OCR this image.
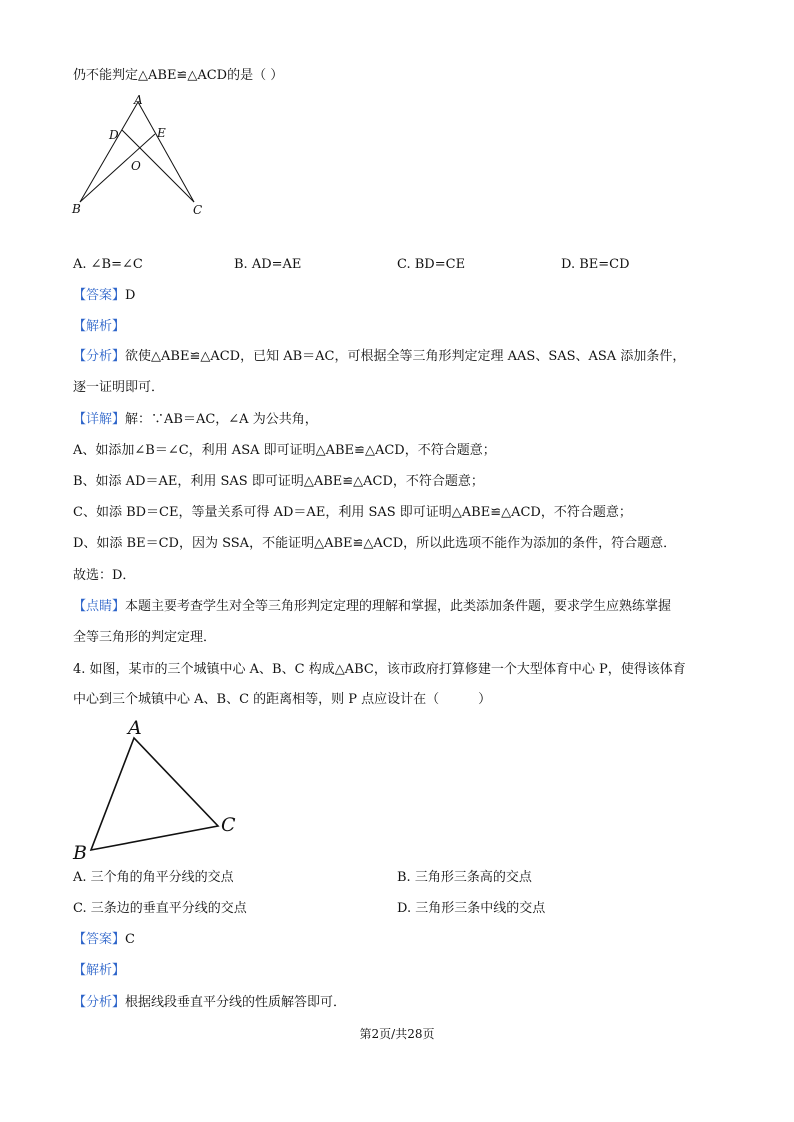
仍不能判定△ABE≌△ACD的是（ ）
A
D	E
O
B	C
A. ∠B=∠C	B. AD=AE	C. BD=CE	D. BE=CD
【答案】D
【解析】
【分析】欲使△ABE≌△ACD，已知 AB＝AC，可根据全等三角形判定定理 AAS、SAS、ASA 添加条件，
逐一证明即可．
【详解】解：∵AB＝AC，∠A 为公共角，
A、如添加∠B＝∠C，利用 ASA 即可证明△ABE≌△ACD，不符合题意；
B、如添 AD＝AE，利用 SAS 即可证明△ABE≌△ACD，不符合题意；
C、如添 BD＝CE，等量关系可得 AD＝AE，利用 SAS 即可证明△ABE≌△ACD，不符合题意；
D、如添 BE＝CD，因为 SSA，不能证明△ABE≌△ACD，所以此选项不能作为添加的条件，符合题意．
故选：D．
【点睛】本题主要考查学生对全等三角形判定定理的理解和掌握，此类添加条件题，要求学生应熟练掌握
全等三角形的判定定理．
4. 如图，某市的三个城镇中心 A、B、C 构成△ABC，该市政府打算修建一个大型体育中心 P，使得该体育
中心到三个城镇中心 A、B、C 的距离相等，则 P 点应设计在（　　　）
A
B
C
A. 三个角的角平分线的交点	B. 三角形三条高的交点
C. 三条边的垂直平分线的交点	D. 三角形三条中线的交点
【答案】C
【解析】
【分析】根据线段垂直平分线的性质解答即可．
第2页/共28页
